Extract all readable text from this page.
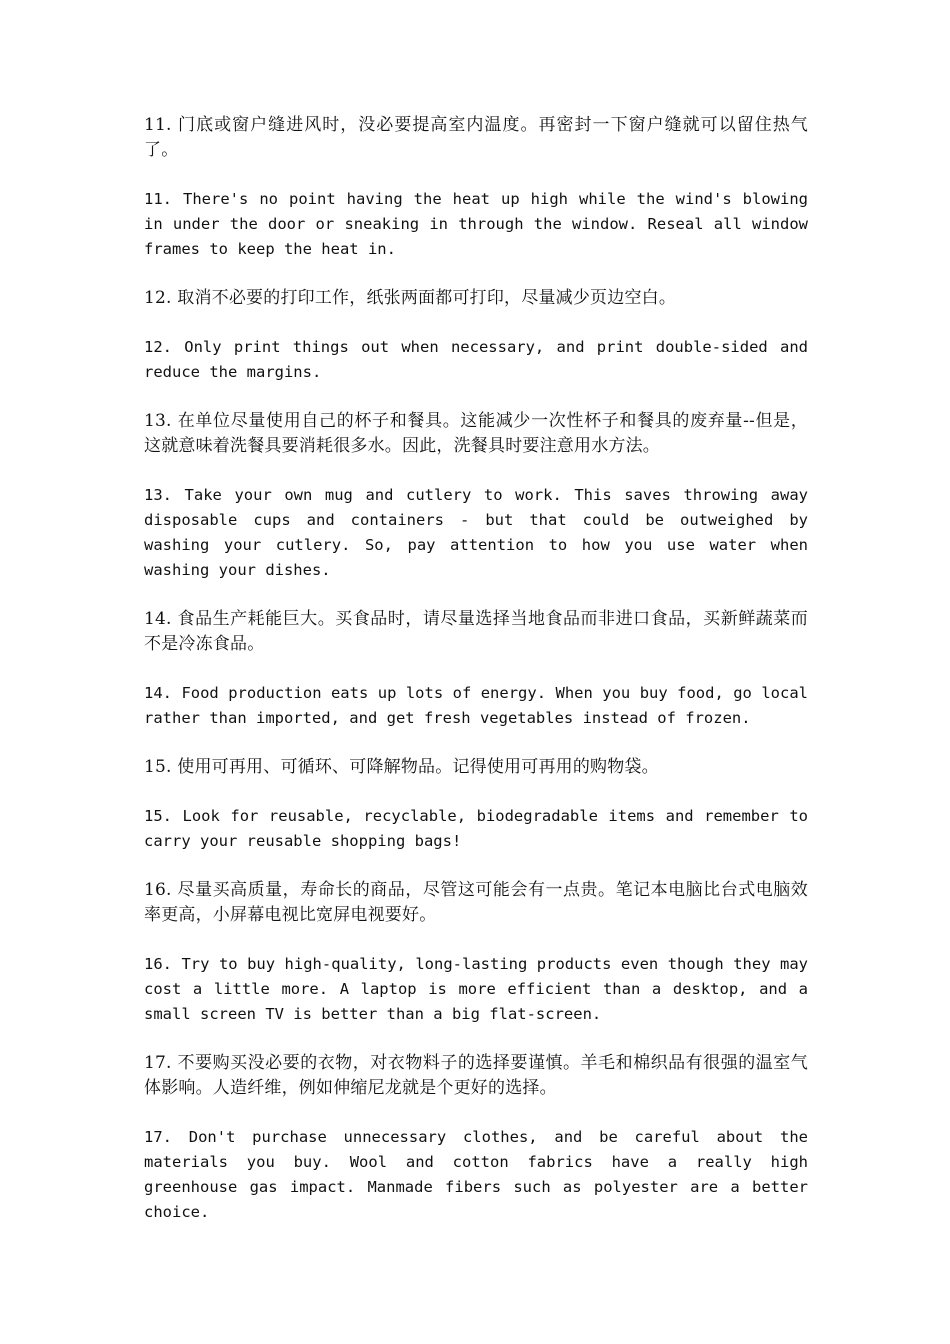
11. 门底或窗户缝进风时，没必要提高室内温度。再密封一下窗户缝就可以留住热气了。

11. There's no point having the heat up high while the wind's blowing in under the door or sneaking in through the window. Reseal all window frames to keep the heat in.

12. 取消不必要的打印工作，纸张两面都可打印，尽量减少页边空白。

12. Only print things out when necessary, and print double-sided and reduce the margins.

13. 在单位尽量使用自己的杯子和餐具。这能减少一次性杯子和餐具的废弃量--但是，这就意味着洗餐具要消耗很多水。因此，洗餐具时要注意用水方法。

13. Take your own mug and cutlery to work. This saves throwing away disposable cups and containers - but that could be outweighed by washing your cutlery. So, pay attention to how you use water when washing your dishes.

14. 食品生产耗能巨大。买食品时，请尽量选择当地食品而非进口食品，买新鲜蔬菜而不是冷冻食品。

14. Food production eats up lots of energy. When you buy food, go local rather than imported, and get fresh vegetables instead of frozen.

15. 使用可再用、可循环、可降解物品。记得使用可再用的购物袋。

15. Look for reusable, recyclable, biodegradable items and remember to carry your reusable shopping bags!

16. 尽量买高质量，寿命长的商品，尽管这可能会有一点贵。笔记本电脑比台式电脑效率更高，小屏幕电视比宽屏电视要好。

16. Try to buy high-quality, long-lasting products even though they may cost a little more. A laptop is more efficient than a desktop, and a small screen TV is better than a big flat-screen.

17. 不要购买没必要的衣物，对衣物料子的选择要谨慎。羊毛和棉织品有很强的温室气体影响。人造纤维，例如伸缩尼龙就是个更好的选择。

17. Don't purchase unnecessary clothes, and be careful about the materials you buy. Wool and cotton fabrics have a really high greenhouse gas impact. Manmade fibers such as polyester are a better choice.
